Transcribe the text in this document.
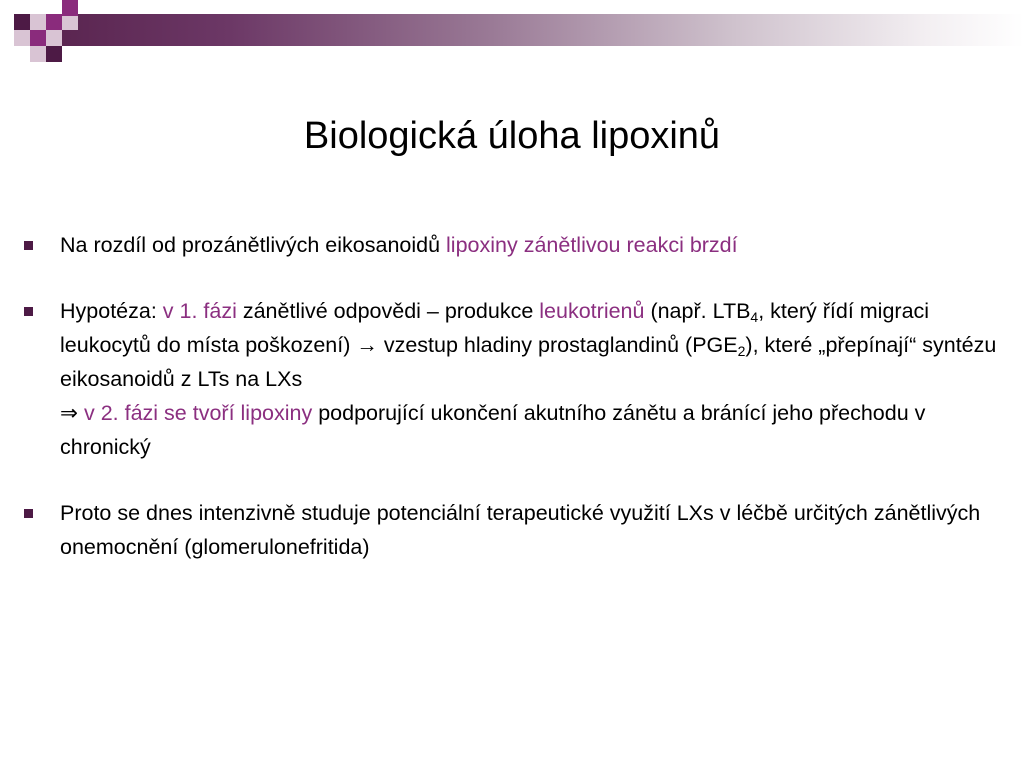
Biologická úloha lipoxinů
Na rozdíl od prozánětlivých eikosanoidů lipoxiny zánětlivou reakci brzdí
Hypotéza: v 1. fázi zánětlivé odpovědi – produkce leukotrienů (např. $LTB_4$, který řídí migraci leukocytů do místa poškození) → vzestup hladiny prostaglandinů $(PGE_2)$, které „přepínají“ syntézu eikosanoidů z LTs na LXs
⇒ v 2. fázi se tvoří lipoxiny podporující ukončení akutního zánětu a bránící jeho přechodu v chronický
Proto se dnes intenzivně studuje potenciální terapeutické využití LXs v léčbě určitých zánětlivých onemocnění (glomerulonefritida)
